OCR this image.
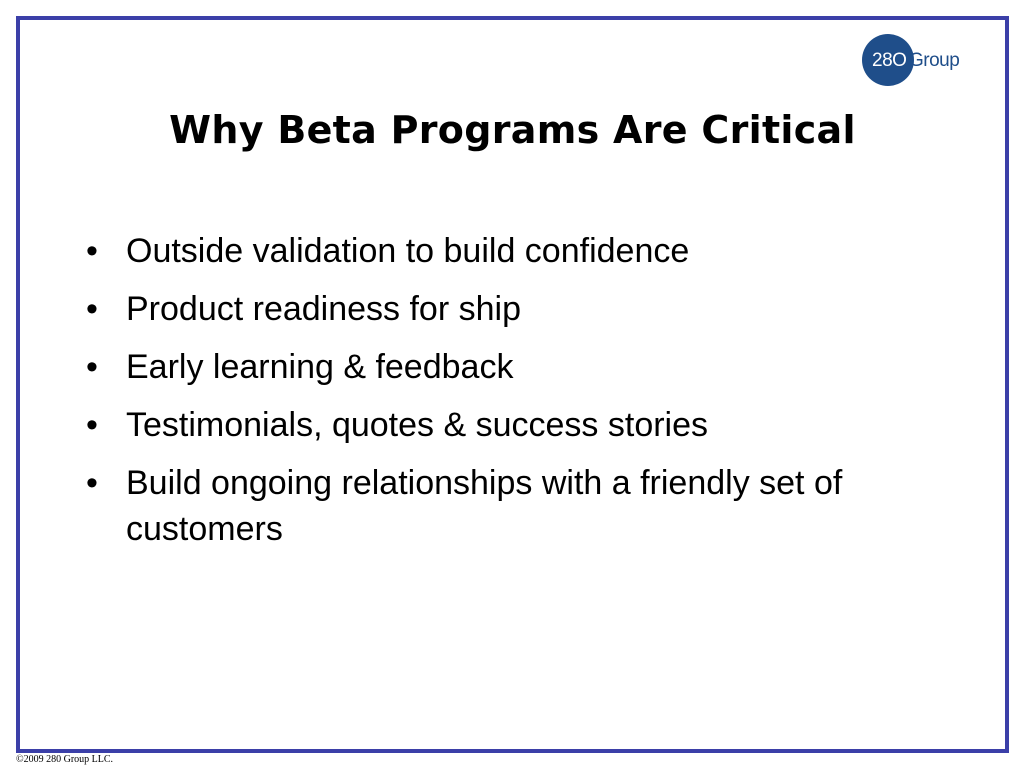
28O Group
Why Beta Programs Are Critical
• Outside validation to build confidence
• Product readiness for ship
• Early learning & feedback
• Testimonials, quotes & success stories
• Build ongoing relationships with a friendly set of customers
©2009 280 Group LLC.
